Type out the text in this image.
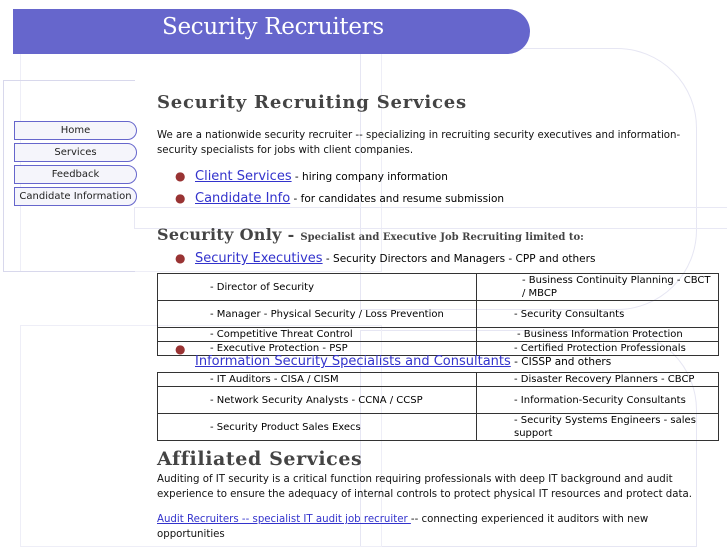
Security Recruiters
Home
Services
Feedback
Candidate Information
Security Recruiting Services
We are a nationwide security recruiter -- specializing in recruiting security executives and information-security specialists for jobs with client companies.
● Client Services - hiring company information
● Candidate Info - for candidates and resume submission
Security Only - Specialist and Executive Job Recruiting limited to:
● Security Executives - Security Directors and Managers - CPP and others
- Director of Security	- Business Continuity Planning - CBCT / MBCP
- Manager - Physical Security / Loss Prevention	- Security Consultants
- Competitive Threat Control	- Business Information Protection
- Executive Protection - PSP	- Certified Protection Professionals
●
Information Security Specialists and Consultants - CISSP and others
- IT Auditors - CISA / CISM	- Disaster Recovery Planners - CBCP
- Network Security Analysts - CCNA / CCSP	- Information-Security Consultants
- Security Product Sales Execs	- Security Systems Engineers - sales support
Affiliated Services
Auditing of IT security is a critical function requiring professionals with deep IT background and audit experience to ensure the adequacy of internal controls to protect physical IT resources and protect data.
Audit Recruiters -- specialist IT audit job recruiter -- connecting experienced it auditors with new opportunities
